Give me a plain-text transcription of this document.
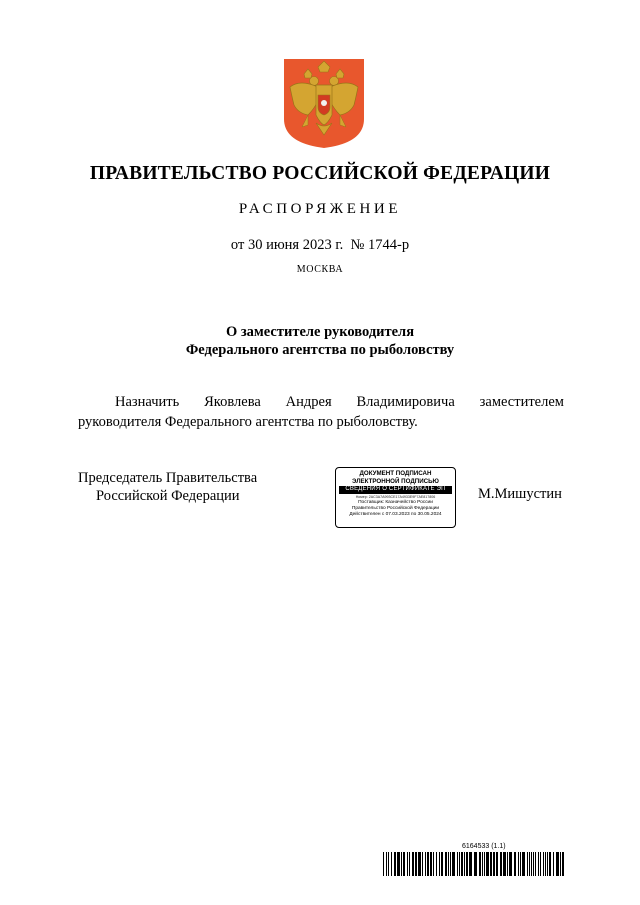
ПРАВИТЕЛЬСТВО РОССИЙСКОЙ ФЕДЕРАЦИИ
РАСПОРЯЖЕНИЕ
от 30 июня 2023 г.  № 1744-р
МОСКВА
О заместителе руководителя
Федерального агентства по рыболовству
Назначить Яковлева Андрея Владимировича заместителем
руководителя Федерального агентства по рыболовству.
Председатель Правительства
Российской Федерации
ДОКУМЕНТ ПОДПИСАН
ЭЛЕКТРОННОЙ ПОДПИСЬЮ
СВЕДЕНИЯ О СЕРТИФИКАТЕ ЭП
Номер: 2AC3A7A993CE17A4933E9F7AE817806
Поставщик: Казначейство России
Правительство Российской Федерации
Действителен с 07.03.2023 по 30.05.2024
М.Мишустин
6164533 (1.1)
